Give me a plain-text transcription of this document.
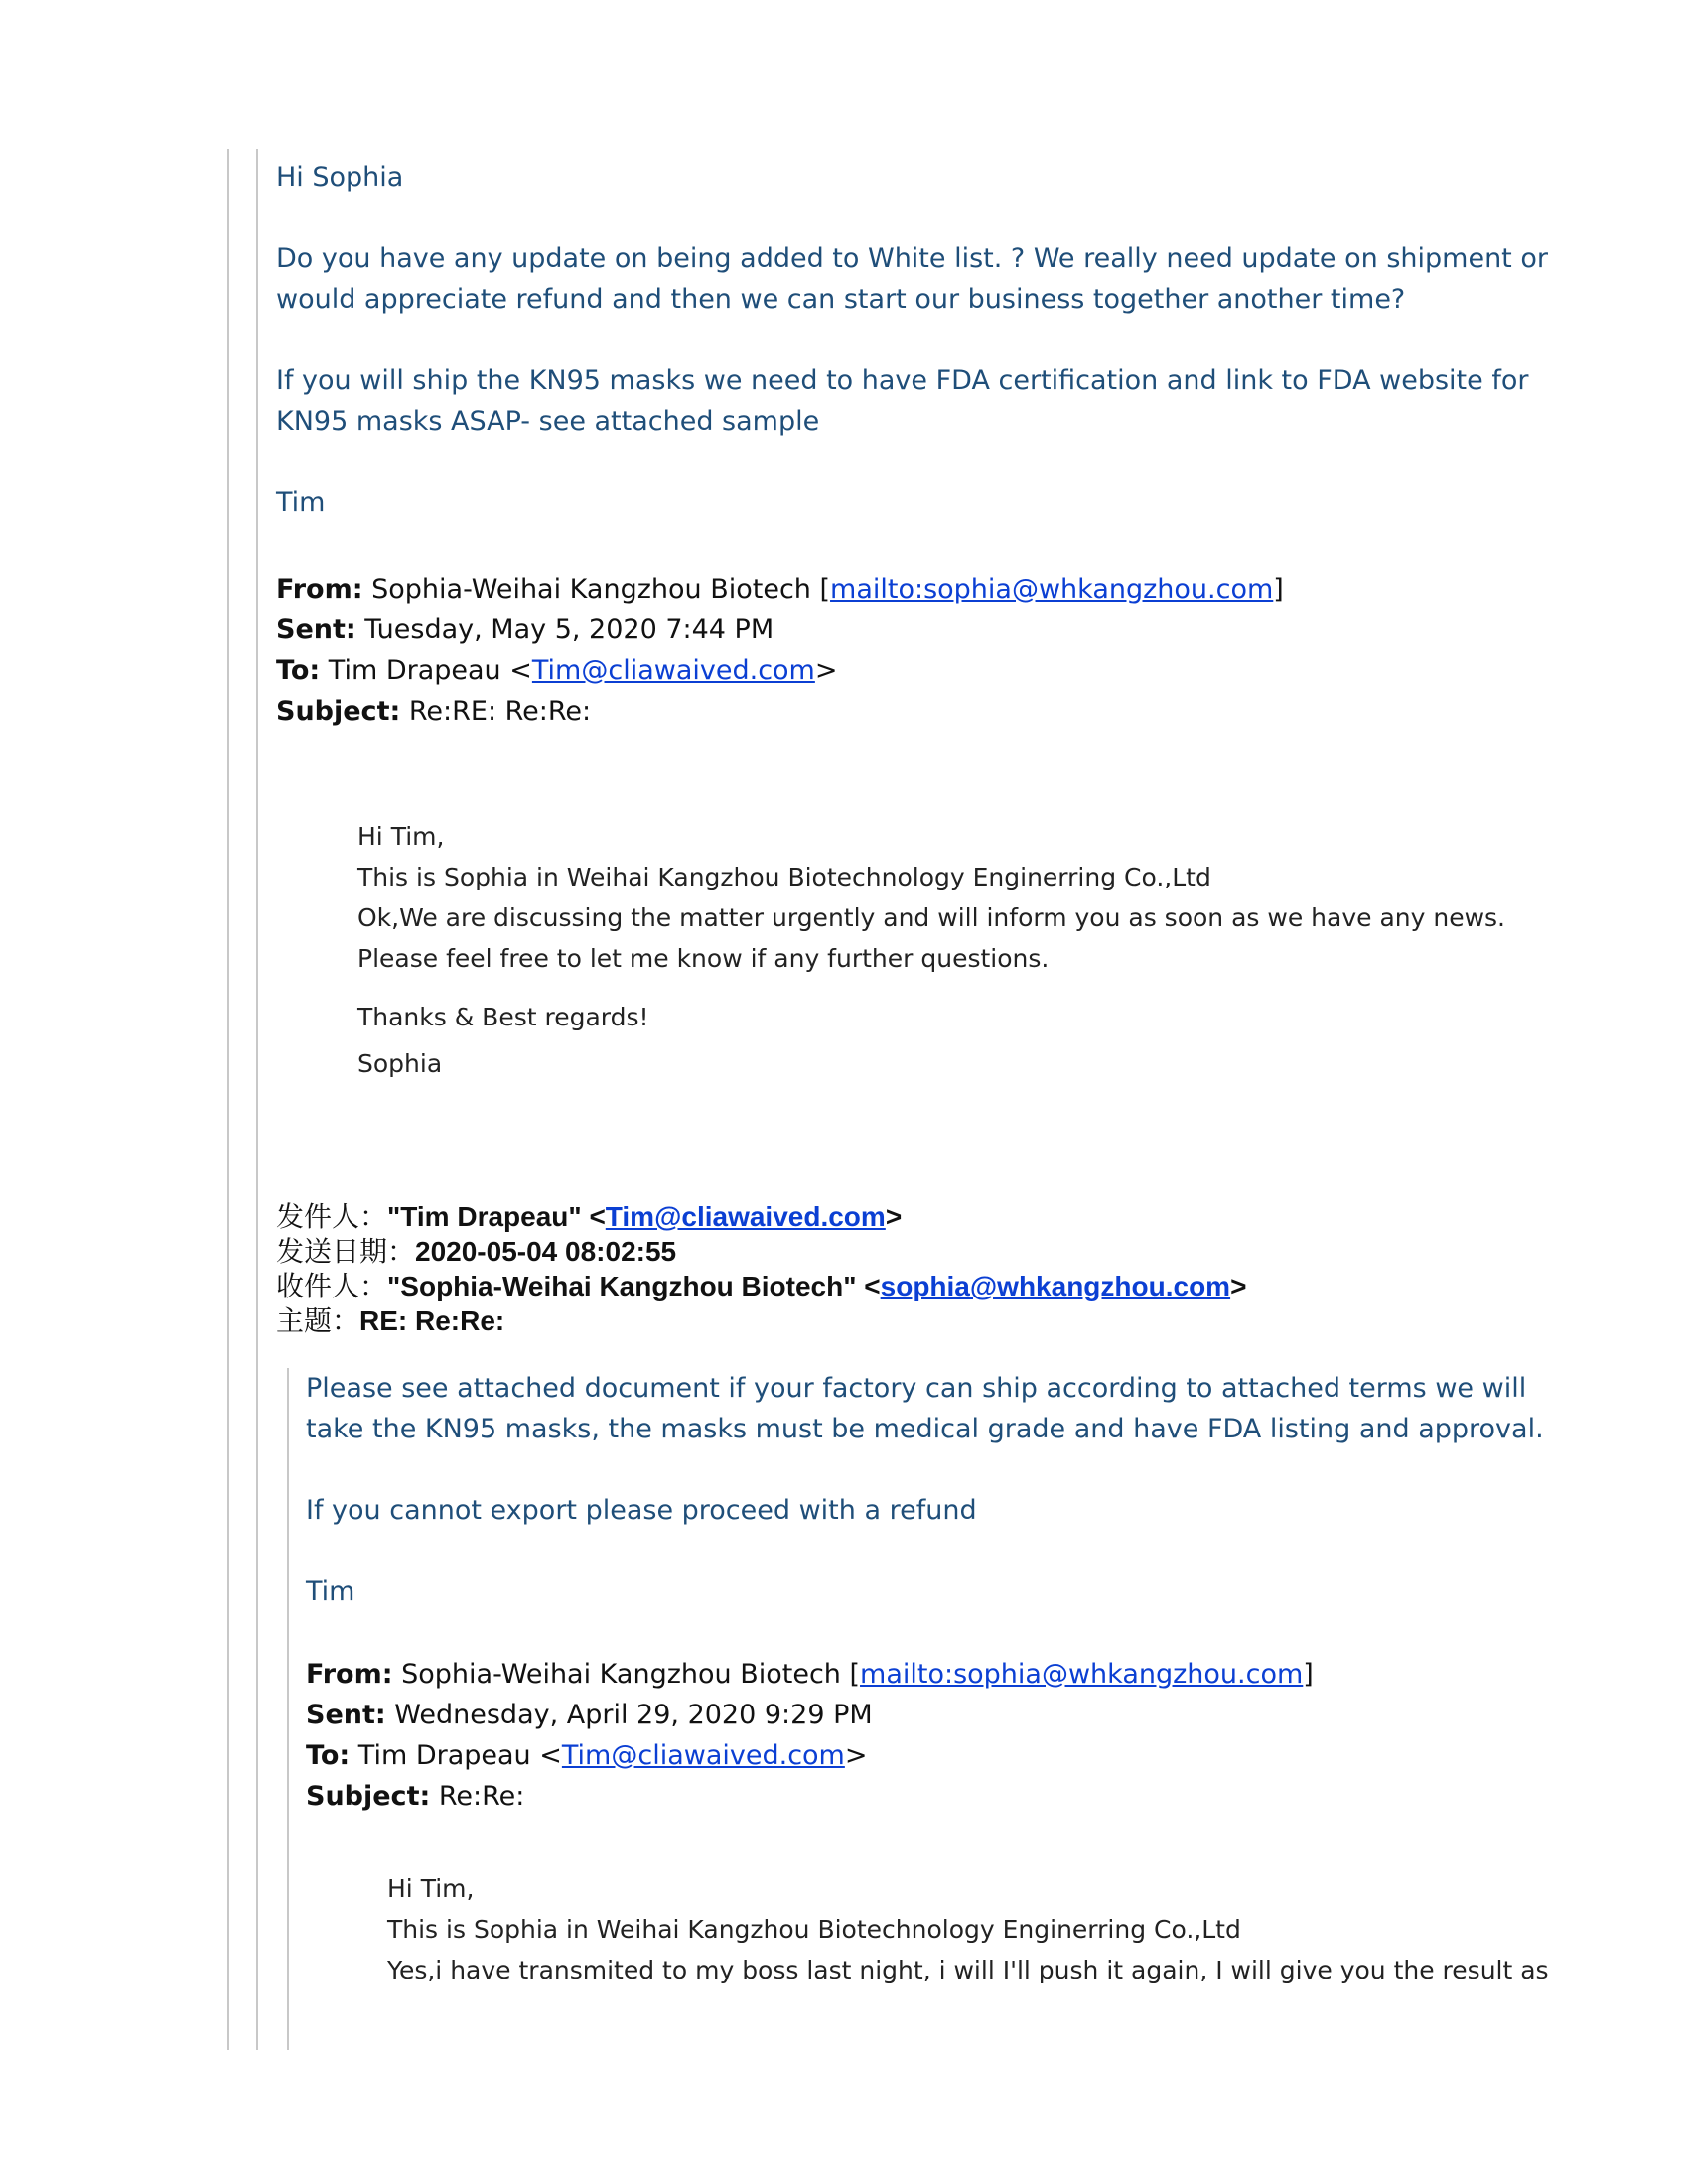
Hi Sophia

Do you have any update on being added to White list. ? We really need update on shipment or

would appreciate refund and then we can start our business together another time?

If you will ship the KN95 masks we need to have FDA certification and link to FDA website for

KN95 masks ASAP- see attached sample

Tim

From: Sophia-Weihai Kangzhou Biotech [mailto:sophia@whkangzhou.com]

Sent: Tuesday, May 5, 2020 7:44 PM

To: Tim Drapeau <Tim@cliawaived.com>

Subject: Re:RE: Re:Re:

Hi Tim,

This is Sophia in Weihai Kangzhou Biotechnology Enginerring Co.,Ltd

Ok,We are discussing the matter urgently and will inform you as soon as we have any news.

Please feel free to let me know if any further questions.

Thanks & Best regards!

Sophia

发件人："Tim Drapeau" <Tim@cliawaived.com>

发送日期：2020-05-04 08:02:55

收件人："Sophia-Weihai Kangzhou Biotech" <sophia@whkangzhou.com>

主题：RE: Re:Re:

Please see attached document if your factory can ship according to attached terms we will

take the KN95 masks, the masks must be medical grade and have FDA listing and approval.

If you cannot export please proceed with a refund

Tim

From: Sophia-Weihai Kangzhou Biotech [mailto:sophia@whkangzhou.com]

Sent: Wednesday, April 29, 2020 9:29 PM

To: Tim Drapeau <Tim@cliawaived.com>

Subject: Re:Re:

Hi Tim,

This is Sophia in Weihai Kangzhou Biotechnology Enginerring Co.,Ltd

Yes,i have transmited to my boss last night, i will I'll push it again, I will give you the result as
